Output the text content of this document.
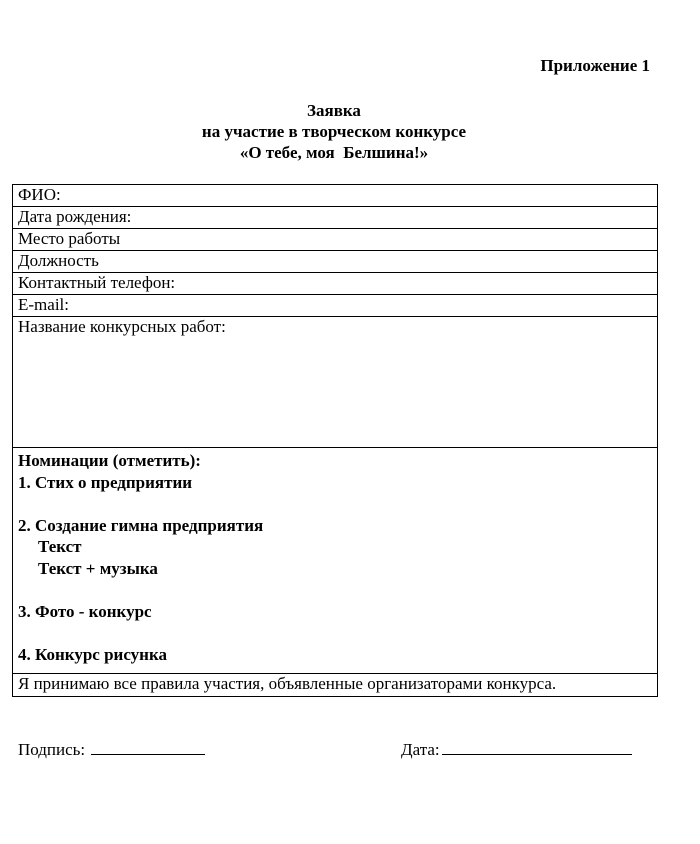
Приложение 1
Заявка
на участие в творческом конкурсе
«О тебе, моя  Белшина!»
ФИО:
Дата рождения:
Место работы
Должность
Контактный телефон:
E-mail:
Название конкурсных работ:

Номинации (отметить):
1. Стих о предприятии
2. Создание гимна предприятия
Текст
Текст + музыка
3. Фото - конкурс
4. Конкурс рисунка

Я принимаю все правила участия, объявленные организаторами конкурса.
Подпись:	Дата:
